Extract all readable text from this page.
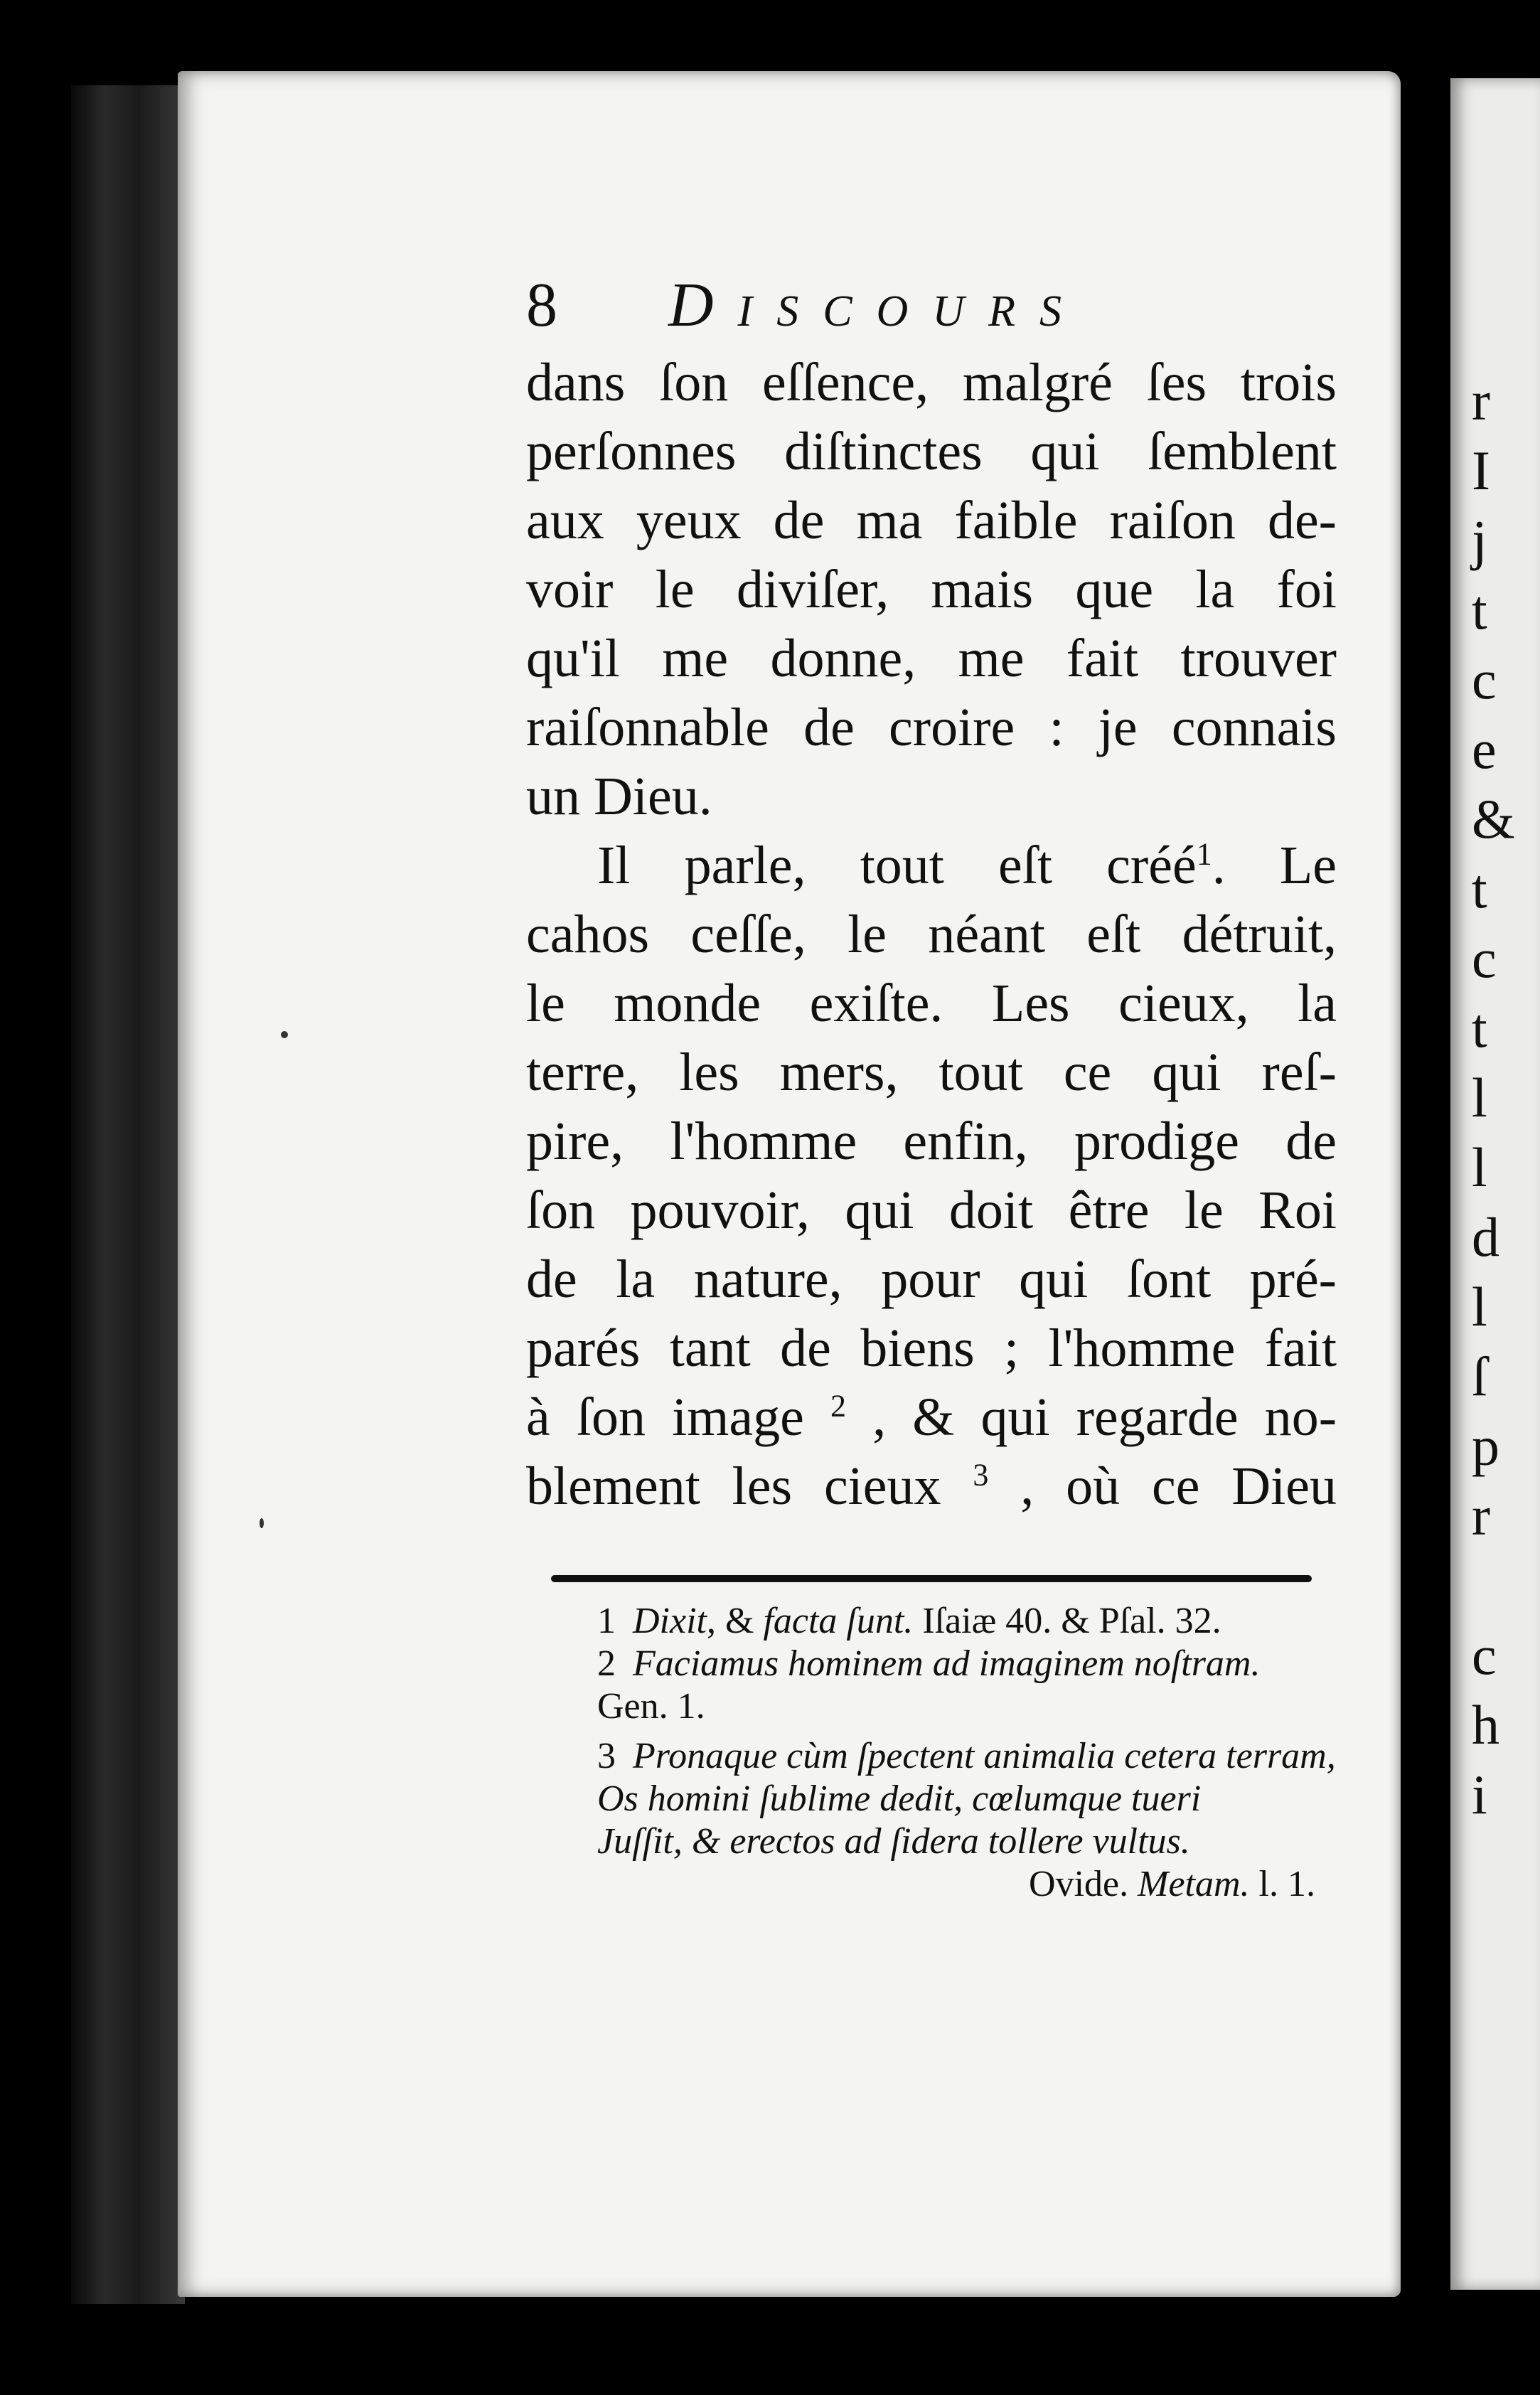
r
I
j
t
c
e
&
t
c
t
l
l
d
l
ſ
p
r

c
h
i
8 Discours
dans ſon eſſence, malgré ſes trois
perſonnes diſtinctes qui ſemblent
aux yeux de ma faible raiſon de-
voir le diviſer, mais que la foi
qu'il me donne, me fait trouver
raiſonnable de croire : je connais
un Dieu.
Il parle, tout eſt créé$^1$. Le
cahos ceſſe, le néant eſt détruit,
le monde exiſte. Les cieux, la
terre, les mers, tout ce qui reſ-
pire, l'homme enfin, prodige de
ſon pouvoir, qui doit être le Roi
de la nature, pour qui ſont pré-
parés tant de biens ; l'homme fait
à ſon image $^2$ , & qui regarde no-
blement les cieux $^3$ , où ce Dieu
1 Dixit, & facta ſunt. Iſaiæ 40. & Pſal. 32.
2 Faciamus hominem ad imaginem noſtram.
Gen. 1.
3 Pronaque cùm ſpectent animalia cetera terram,
Os homini ſublime dedit, cœlumque tueri
Juſſit, & erectos ad ſidera tollere vultus.
Ovide. Metam. l. 1.
